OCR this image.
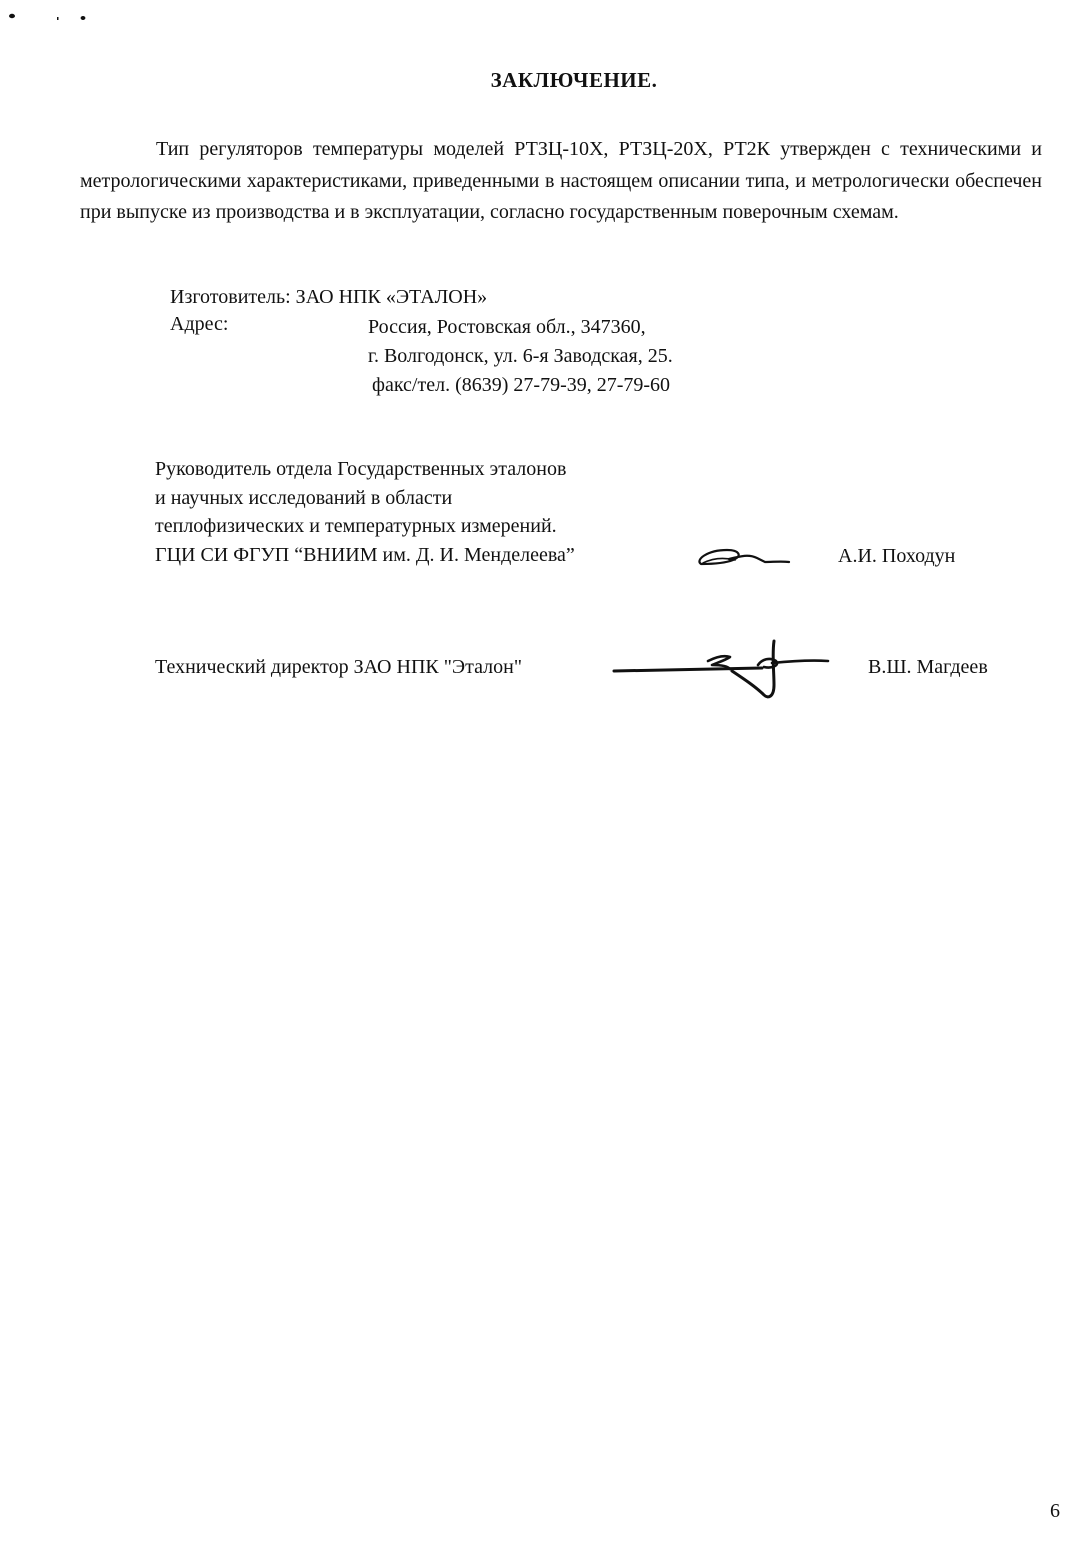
ЗАКЛЮЧЕНИЕ.
Тип регуляторов температуры моделей РТЗЦ-10Х, РТЗЦ-20Х, РТ2К утвержден с техническими и метрологическими характеристиками, приведенными в настоящем описании типа, и метрологически обеспечен при выпуске из производства и в эксплуатации, согласно государственным поверочным схемам.
Изготовитель: ЗАО НПК «ЭТАЛОН»
Адрес:	Россия, Ростовская обл., 347360,
г. Волгодонск, ул. 6-я Заводская, 25.
факс/тел. (8639) 27-79-39, 27-79-60
Руководитель отдела Государственных эталонов
и научных исследований в области
теплофизических и температурных измерений.
ГЦИ СИ ФГУП “ВНИИМ им. Д. И. Менделеева”	А.И. Походун
Технический директор ЗАО НПК "Эталон"	В.Ш. Магдеев
6
